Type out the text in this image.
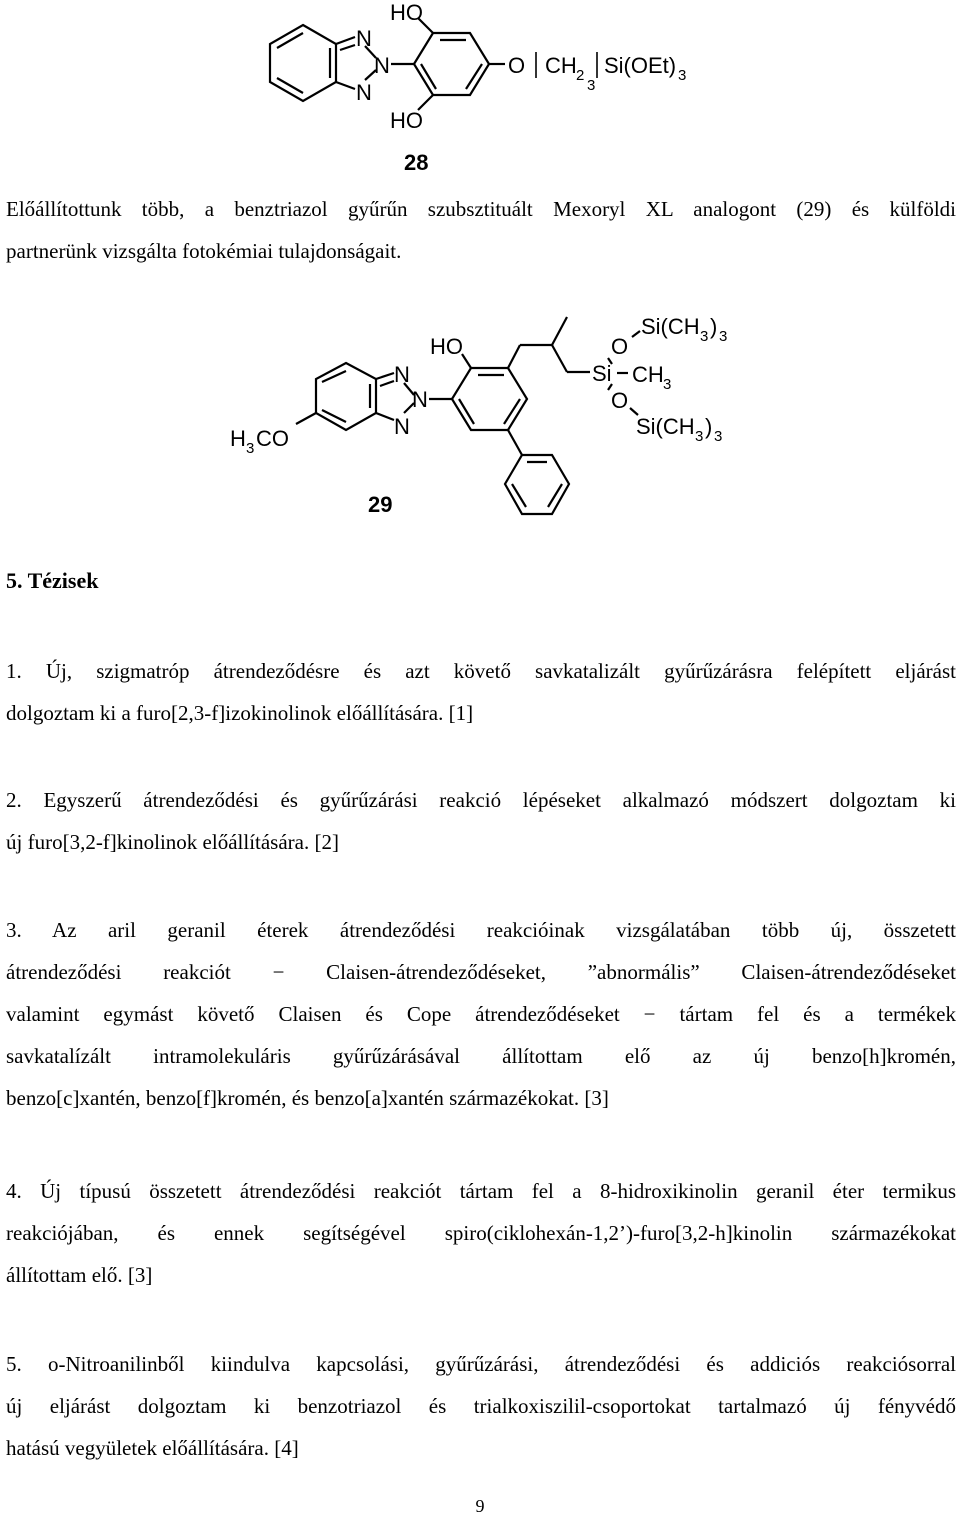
N
N
N
HO
HO
O CH 2
3
Si(OEt) 3
28
Előállítottunk több, a benztriazol gyűrűn szubsztituált Mexoryl XL analogont (29) és külföldi
partnerünk vizsgálta fotokémiai tulajdonságait.
HO
N
N
N
H 3 CO
O
Si CH 3
O
Si(CH 3 ) 3
Si(CH 3 ) 3
29
5. Tézisek
1. Új, szigmatróp átrendeződésre és azt követő savkatalizált gyűrűzárásra felépített eljárást
dolgoztam ki a furo[2,3-f]izokinolinok előállítására. [1]
2. Egyszerű átrendeződési és gyűrűzárási reakció lépéseket alkalmazó módszert dolgoztam ki
új furo[3,2-f]kinolinok előállítására. [2]
3. Az aril geranil éterek átrendeződési reakcióinak vizsgálatában több új, összetett
átrendeződési reakciót − Claisen-átrendeződéseket, ”abnormális” Claisen-átrendeződéseket
valamint egymást követő Claisen és Cope átrendeződéseket − tártam fel és a termékek
savkatalízált intramolekuláris gyűrűzárásával állítottam elő az új benzo[h]kromén,
benzo[c]xantén, benzo[f]kromén, és benzo[a]xantén származékokat. [3]
4. Új típusú összetett átrendeződési reakciót tártam fel a 8-hidroxikinolin geranil éter termikus
reakciójában, és ennek segítségével spiro(ciklohexán-1,2’)-furo[3,2-h]kinolin származékokat
állítottam elő. [3]
5. o-Nitroanilinből kiindulva kapcsolási, gyűrűzárási, átrendeződési és addiciós reakciósorral
új eljárást dolgoztam ki benzotriazol és trialkoxiszilil-csoportokat tartalmazó új fényvédő
hatású vegyületek előállítására. [4]
9
